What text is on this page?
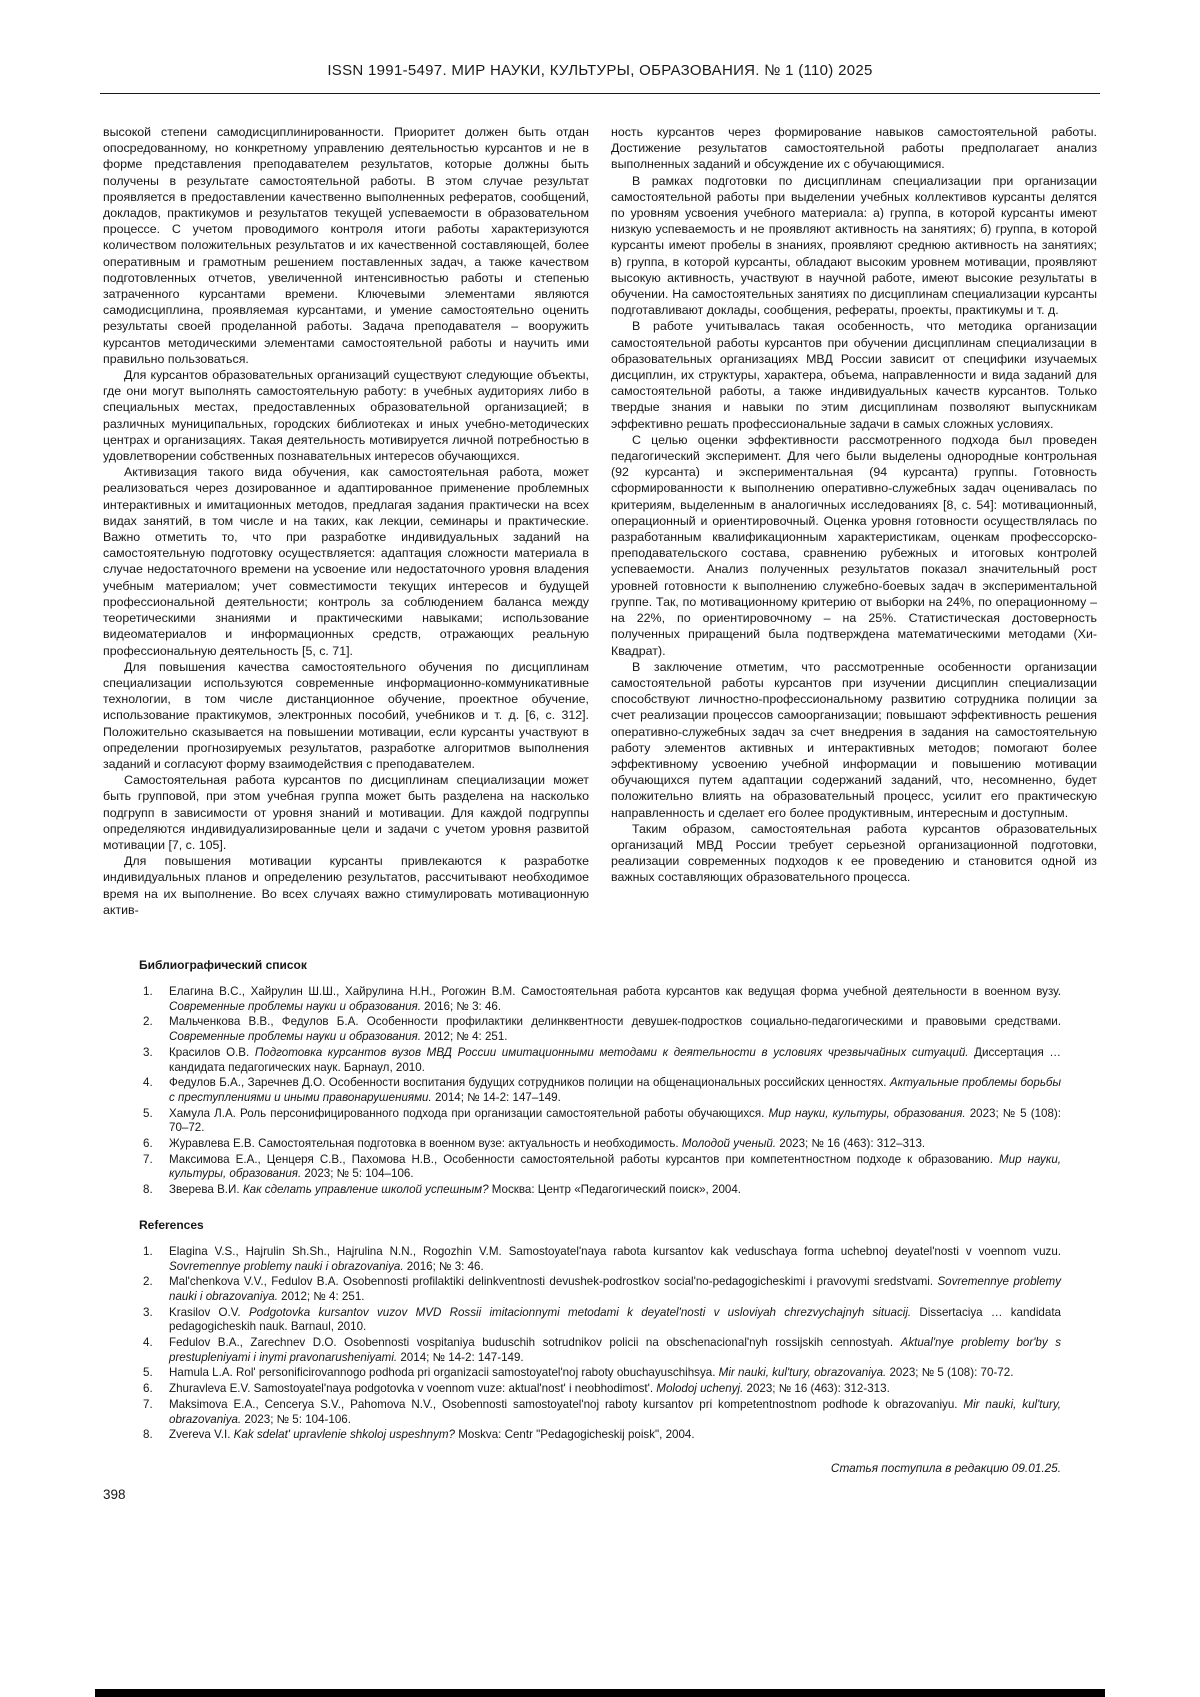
ISSN 1991-5497. МИР НАУКИ, КУЛЬТУРЫ, ОБРАЗОВАНИЯ. № 1 (110) 2025

высокой степени самодисциплинированности. Приоритет должен быть отдан опосредованному, но конкретному управлению деятельностью курсантов и не в форме представления преподавателем результатов, которые должны быть получены в результате самостоятельной работы. В этом случае результат проявляется в предоставлении качественно выполненных рефератов, сообщений, докладов, практикумов и результатов текущей успеваемости в образовательном процессе. С учетом проводимого контроля итоги работы характеризуются количеством положительных результатов и их качественной составляющей, более оперативным и грамотным решением поставленных задач, а также качеством подготовленных отчетов, увеличенной интенсивностью работы и степенью затраченного курсантами времени. Ключевыми элементами являются самодисциплина, проявляемая курсантами, и умение самостоятельно оценить результаты своей проделанной работы. Задача преподавателя – вооружить курсантов методическими элементами самостоятельной работы и научить ими правильно пользоваться.

Для курсантов образовательных организаций существуют следующие объекты, где они могут выполнять самостоятельную работу: в учебных аудиториях либо в специальных местах, предоставленных образовательной организацией; в различных муниципальных, городских библиотеках и иных учебно-методических центрах и организациях. Такая деятельность мотивируется личной потребностью в удовлетворении собственных познавательных интересов обучающихся.

Активизация такого вида обучения, как самостоятельная работа, может реализоваться через дозированное и адаптированное применение проблемных интерактивных и имитационных методов, предлагая задания практически на всех видах занятий, в том числе и на таких, как лекции, семинары и практические. Важно отметить то, что при разработке индивидуальных заданий на самостоятельную подготовку осуществляется: адаптация сложности материала в случае недостаточного времени на усвоение или недостаточного уровня владения учебным материалом; учет совместимости текущих интересов и будущей профессиональной деятельности; контроль за соблюдением баланса между теоретическими знаниями и практическими навыками; использование видеоматериалов и информационных средств, отражающих реальную профессиональную деятельность [5, с. 71].

Для повышения качества самостоятельного обучения по дисциплинам специализации используются современные информационно-коммуникативные технологии, в том числе дистанционное обучение, проектное обучение, использование практикумов, электронных пособий, учебников и т. д. [6, с. 312]. Положительно сказывается на повышении мотивации, если курсанты участвуют в определении прогнозируемых результатов, разработке алгоритмов выполнения заданий и согласуют форму взаимодействия с преподавателем.

Самостоятельная работа курсантов по дисциплинам специализации может быть групповой, при этом учебная группа может быть разделена на насколько подгрупп в зависимости от уровня знаний и мотивации. Для каждой подгруппы определяются индивидуализированные цели и задачи с учетом уровня развитой мотивации [7, с. 105].

Для повышения мотивации курсанты привлекаются к разработке индивидуальных планов и определению результатов, рассчитывают необходимое время на их выполнение. Во всех случаях важно стимулировать мотивационную актив-

ность курсантов через формирование навыков самостоятельной работы. Достижение результатов самостоятельной работы предполагает анализ выполненных заданий и обсуждение их с обучающимися.

В рамках подготовки по дисциплинам специализации при организации самостоятельной работы при выделении учебных коллективов курсанты делятся по уровням усвоения учебного материала: а) группа, в которой курсанты имеют низкую успеваемость и не проявляют активность на занятиях; б) группа, в которой курсанты имеют пробелы в знаниях, проявляют среднюю активность на занятиях; в) группа, в которой курсанты, обладают высоким уровнем мотивации, проявляют высокую активность, участвуют в научной работе, имеют высокие результаты в обучении. На самостоятельных занятиях по дисциплинам специализации курсанты подготавливают доклады, сообщения, рефераты, проекты, практикумы и т. д.

В работе учитывалась такая особенность, что методика организации самостоятельной работы курсантов при обучении дисциплинам специализации в образовательных организациях МВД России зависит от специфики изучаемых дисциплин, их структуры, характера, объема, направленности и вида заданий для самостоятельной работы, а также индивидуальных качеств курсантов. Только твердые знания и навыки по этим дисциплинам позволяют выпускникам эффективно решать профессиональные задачи в самых сложных условиях.

С целью оценки эффективности рассмотренного подхода был проведен педагогический эксперимент. Для чего были выделены однородные контрольная (92 курсанта) и экспериментальная (94 курсанта) группы. Готовность сформированности к выполнению оперативно-служебных задач оценивалась по критериям, выделенным в аналогичных исследованиях [8, с. 54]: мотивационный, операционный и ориентировочный. Оценка уровня готовности осуществлялась по разработанным квалификационным характеристикам, оценкам профессорско-преподавательского состава, сравнению рубежных и итоговых контролей успеваемости. Анализ полученных результатов показал значительный рост уровней готовности к выполнению служебно-боевых задач в экспериментальной группе. Так, по мотивационному критерию от выборки на 24%, по операционному – на 22%, по ориентировочному – на 25%. Статистическая достоверность полученных приращений была подтверждена математическими методами (Хи-Квадрат).

В заключение отметим, что рассмотренные особенности организации самостоятельной работы курсантов при изучении дисциплин специализации способствуют личностно-профессиональному развитию сотрудника полиции за счет реализации процессов самоорганизации; повышают эффективность решения оперативно-служебных задач за счет внедрения в задания на самостоятельную работу элементов активных и интерактивных методов; помогают более эффективному усвоению учебной информации и повышению мотивации обучающихся путем адаптации содержаний заданий, что, несомненно, будет положительно влиять на образовательный процесс, усилит его практическую направленность и сделает его более продуктивным, интересным и доступным.

Таким образом, самостоятельная работа курсантов образовательных организаций МВД России требует серьезной организационной подготовки, реализации современных подходов к ее проведению и становится одной из важных составляющих образовательного процесса.

Библиографический список
1. Елагина В.С., Хайрулин Ш.Ш., Хайрулина Н.Н., Рогожин В.М. Самостоятельная работа курсантов как ведущая форма учебной деятельности в военном вузу. Современные проблемы науки и образования. 2016; № 3: 46.
2. Мальченкова В.В., Федулов Б.А. Особенности профилактики делинквентности девушек-подростков социально-педагогическими и правовыми средствами. Современные проблемы науки и образования. 2012; № 4: 251.
3. Красилов О.В. Подготовка курсантов вузов МВД России имитационными методами к деятельности в условиях чрезвычайных ситуаций. Диссертация … кандидата педагогических наук. Барнаул, 2010.
4. Федулов Б.А., Заречнев Д.О. Особенности воспитания будущих сотрудников полиции на общенациональных российских ценностях. Актуальные проблемы борьбы с преступлениями и иными правонарушениями. 2014; № 14-2: 147–149.
5. Хамула Л.А. Роль персонифицированного подхода при организации самостоятельной работы обучающихся. Мир науки, культуры, образования. 2023; № 5 (108): 70–72.
6. Журавлева Е.В. Самостоятельная подготовка в военном вузе: актуальность и необходимость. Молодой ученый. 2023; № 16 (463): 312–313.
7. Максимова Е.А., Ценцеря С.В., Пахомова Н.В., Особенности самостоятельной работы курсантов при компетентностном подходе к образованию. Мир науки, культуры, образования. 2023; № 5: 104–106.
8. Зверева В.И. Как сделать управление школой успешным? Москва: Центр «Педагогический поиск», 2004.
References
1. Elagina V.S., Hajrulin Sh.Sh., Hajrulina N.N., Rogozhin V.M. Samostoyatel'naya rabota kursantov kak veduschaya forma uchebnoj deyatel'nosti v voennom vuzu. Sovremennye problemy nauki i obrazovaniya. 2016; № 3: 46.
2. Mal'chenkova V.V., Fedulov B.A. Osobennosti profilaktiki delinkventnosti devushek-podrostkov social'no-pedagogicheskimi i pravovymi sredstvami. Sovremennye problemy nauki i obrazovaniya. 2012; № 4: 251.
3. Krasilov O.V. Podgotovka kursantov vuzov MVD Rossii imitacionnymi metodami k deyatel'nosti v usloviyah chrezvychajnyh situacij. Dissertaciya … kandidata pedagogicheskih nauk. Barnaul, 2010.
4. Fedulov B.A., Zarechnev D.O. Osobennosti vospitaniya buduschih sotrudnikov policii na obschenacional'nyh rossijskih cennostyah. Aktual'nye problemy bor'by s prestupleniyami i inymi pravonarusheniyami. 2014; № 14-2: 147-149.
5. Hamula L.A. Rol' personificirovannogo podhoda pri organizacii samostoyatel'noj raboty obuchayuschihsya. Mir nauki, kul'tury, obrazovaniya. 2023; № 5 (108): 70-72.
6. Zhuravleva E.V. Samostoyatel'naya podgotovka v voennom vuze: aktual'nost' i neobhodimost'. Molodoj uchenyj. 2023; № 16 (463): 312-313.
7. Maksimova E.A., Cencerya S.V., Pahomova N.V., Osobennosti samostoyatel'noj raboty kursantov pri kompetentnostnom podhode k obrazovaniyu. Mir nauki, kul'tury, obrazovaniya. 2023; № 5: 104-106.
8. Zvereva V.I. Kak sdelat' upravlenie shkoloj uspeshnym? Moskva: Centr "Pedagogicheskij poisk", 2004.
Статья поступила в редакцию 09.01.25.
398
